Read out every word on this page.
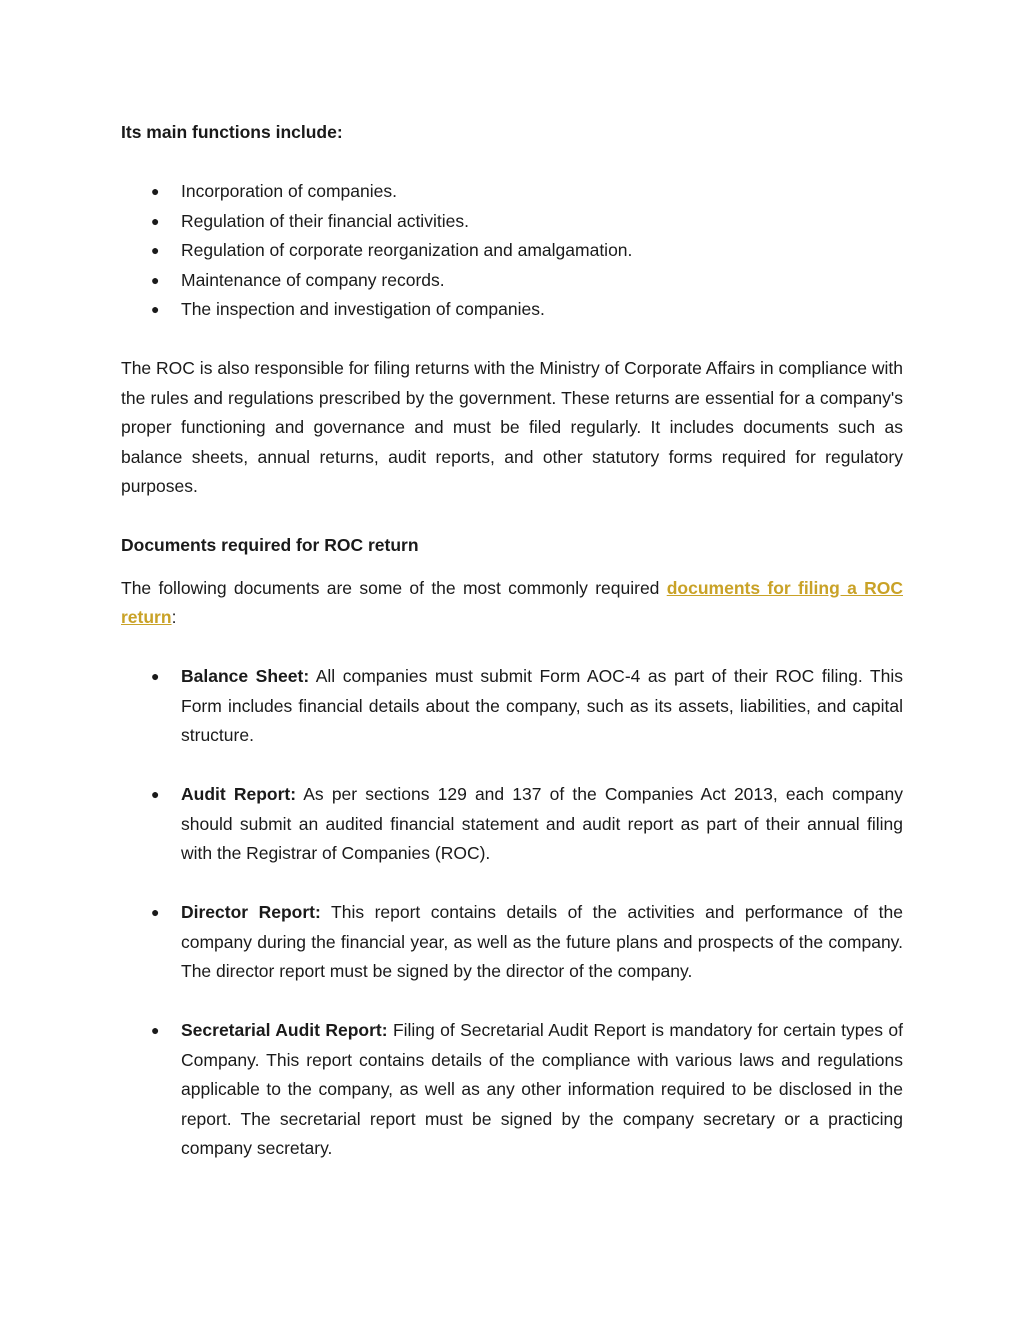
Its main functions include:

● Incorporation of companies.
● Regulation of their financial activities.
● Regulation of corporate reorganization and amalgamation.
● Maintenance of company records.
● The inspection and investigation of companies.

The ROC is also responsible for filing returns with the Ministry of Corporate Affairs in compliance with the rules and regulations prescribed by the government. These returns are essential for a company's proper functioning and governance and must be filed regularly. It includes documents such as balance sheets, annual returns, audit reports, and other statutory forms required for regulatory purposes.

Documents required for ROC return

The following documents are some of the most commonly required documents for filing a ROC return:

● Balance Sheet: All companies must submit Form AOC-4 as part of their ROC filing. This Form includes financial details about the company, such as its assets, liabilities, and capital structure.
● Audit Report: As per sections 129 and 137 of the Companies Act 2013, each company should submit an audited financial statement and audit report as part of their annual filing with the Registrar of Companies (ROC).
● Director Report: This report contains details of the activities and performance of the company during the financial year, as well as the future plans and prospects of the company. The director report must be signed by the director of the company.
● Secretarial Audit Report: Filing of Secretarial Audit Report is mandatory for certain types of Company. This report contains details of the compliance with various laws and regulations applicable to the company, as well as any other information required to be disclosed in the report. The secretarial report must be signed by the company secretary or a practicing company secretary.
